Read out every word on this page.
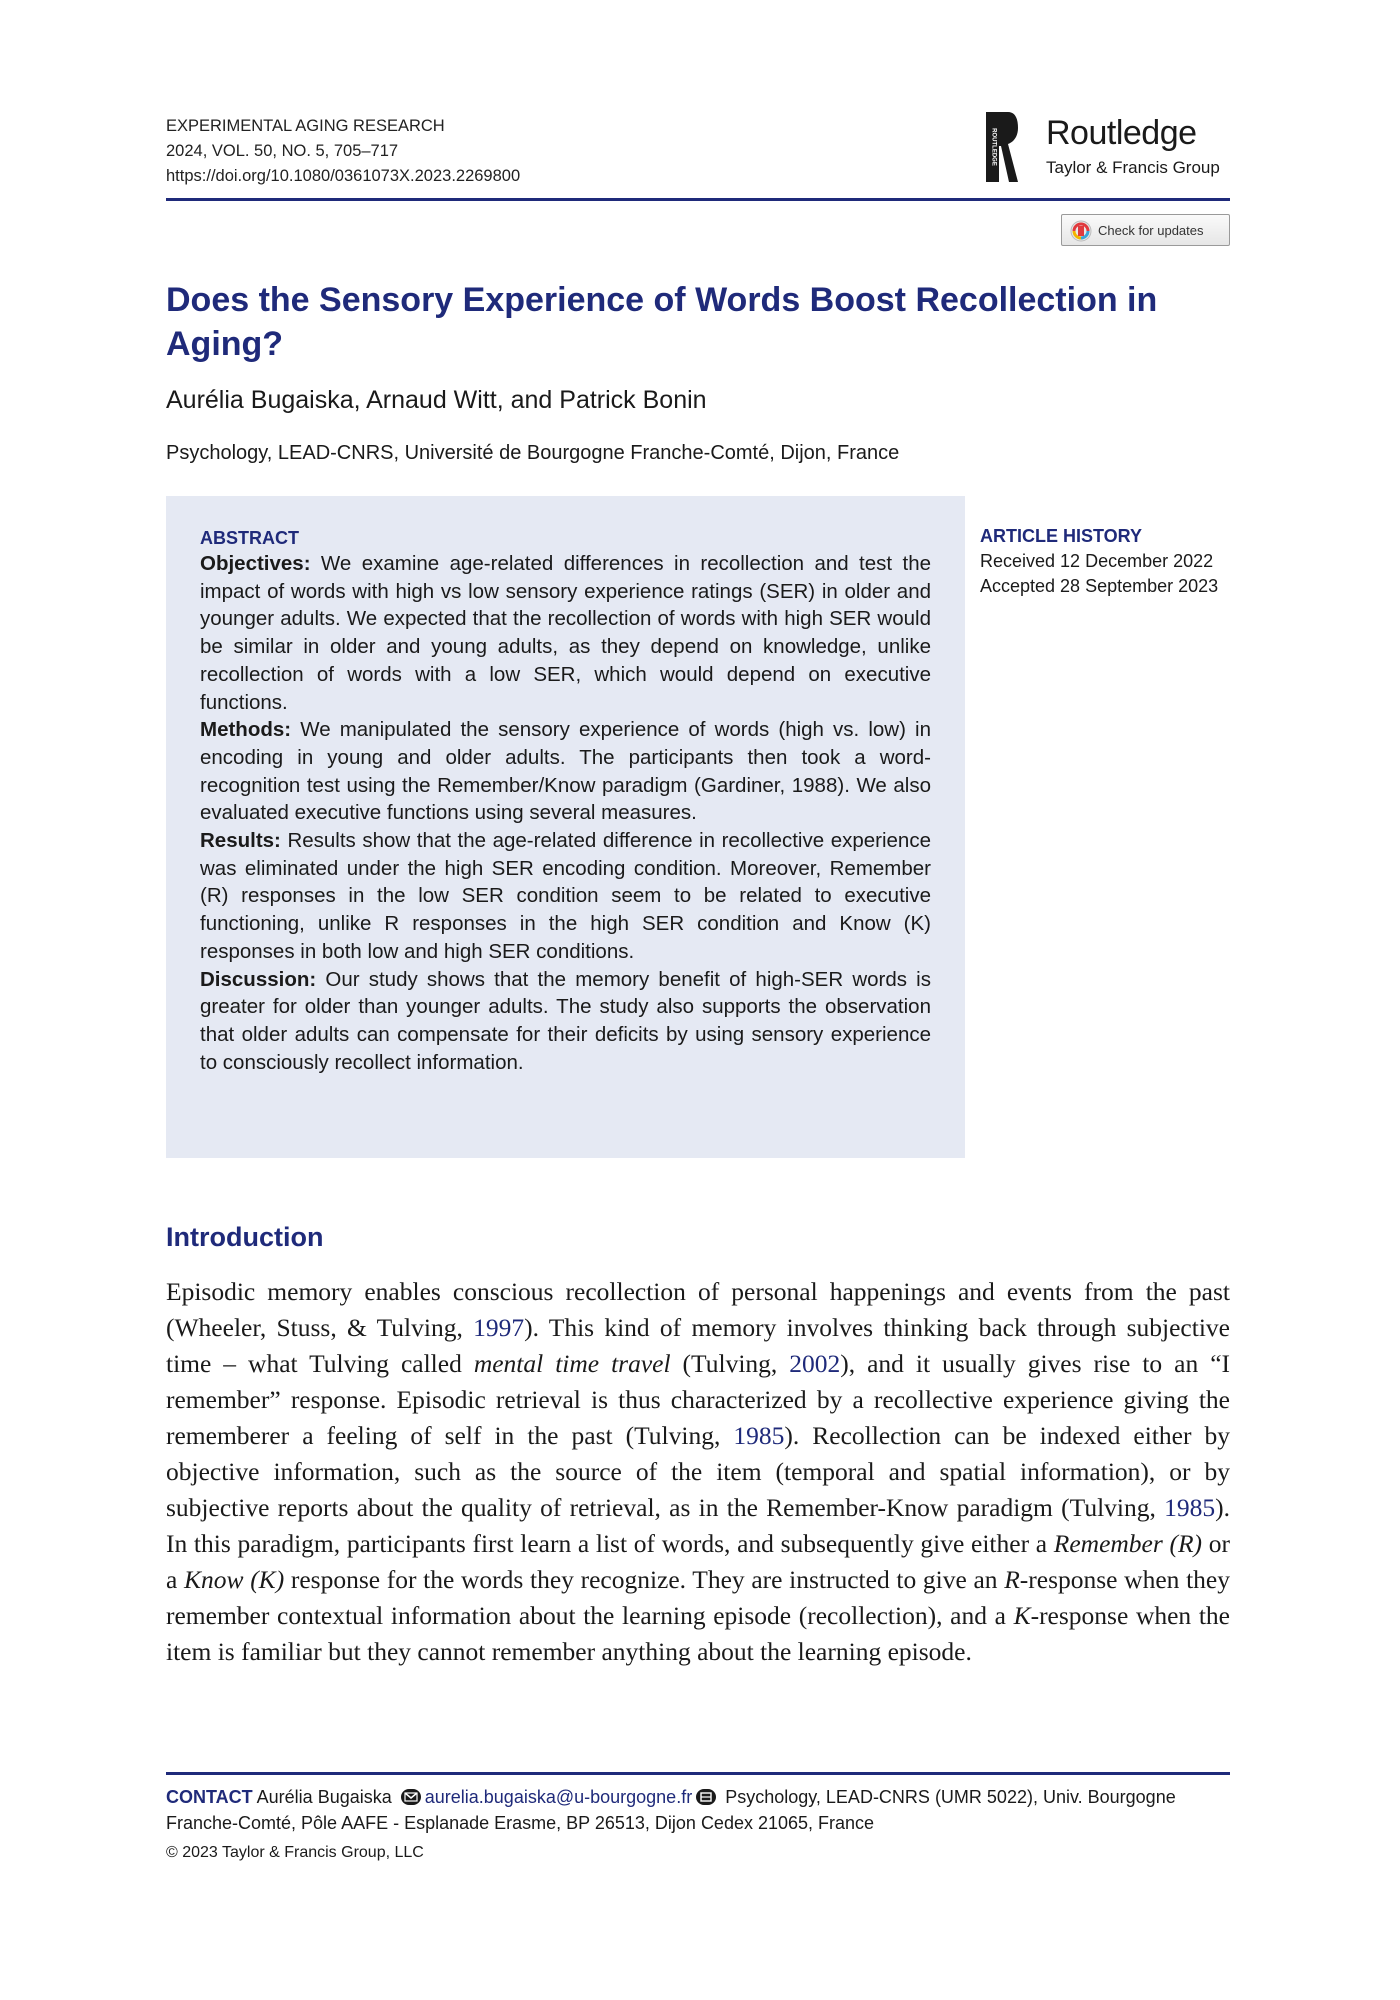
EXPERIMENTAL AGING RESEARCH
2024, VOL. 50, NO. 5, 705–717
https://doi.org/10.1080/0361073X.2023.2269800
ROUTLEDGE Routledge
Taylor & Francis Group
Check for updates
Does the Sensory Experience of Words Boost Recollection in Aging?
Aurélia Bugaiska, Arnaud Witt, and Patrick Bonin
Psychology, LEAD-CNRS, Université de Bourgogne Franche-Comté, Dijon, France
ABSTRACT

Objectives: We examine age-related differences in recollection and test the impact of words with high vs low sensory experience ratings (SER) in older and younger adults. We expected that the recollection of words with high SER would be similar in older and young adults, as they depend on knowledge, unlike recollection of words with a low SER, which would depend on executive functions.

Methods: We manipulated the sensory experience of words (high vs. low) in encoding in young and older adults. The participants then took a word-recognition test using the Remember/Know paradigm (Gardiner, 1988). We also evaluated executive functions using several measures.

Results: Results show that the age-related difference in recollective experience was eliminated under the high SER encoding condition. Moreover, Remember (R) responses in the low SER condition seem to be related to executive functioning, unlike R responses in the high SER condition and Know (K) responses in both low and high SER conditions.

Discussion: Our study shows that the memory benefit of high-SER words is greater for older than younger adults. The study also supports the observation that older adults can compensate for their deficits by using sensory experience to consciously recollect information.

ARTICLE HISTORY
Received 12 December 2022
Accepted 28 September 2023
Introduction

Episodic memory enables conscious recollection of personal happenings and events from the past (Wheeler, Stuss, & Tulving, 1997). This kind of memory involves thinking back through subjective time – what Tulving called mental time travel (Tulving, 2002), and it usually gives rise to an “I remember” response. Episodic retrieval is thus characterized by a recollective experience giving the rememberer a feeling of self in the past (Tulving, 1985). Recollection can be indexed either by objective information, such as the source of the item (temporal and spatial information), or by subjective reports about the quality of retrieval, as in the Remember-Know paradigm (Tulving, 1985). In this paradigm, participants first learn a list of words, and subsequently give either a Remember (R) or a Know (K) response for the words they recognize. They are instructed to give an R-response when they remember contextual information about the learning episode (recollection), and a K-response when the item is familiar but they cannot remember anything about the learning episode.

CONTACT Aurélia Bugaiska aurelia.bugaiska@u-bourgogne.fr Psychology, LEAD-CNRS (UMR 5022), Univ. Bourgogne Franche-Comté, Pôle AAFE - Esplanade Erasme, BP 26513, Dijon Cedex 21065, France

© 2023 Taylor & Francis Group, LLC
